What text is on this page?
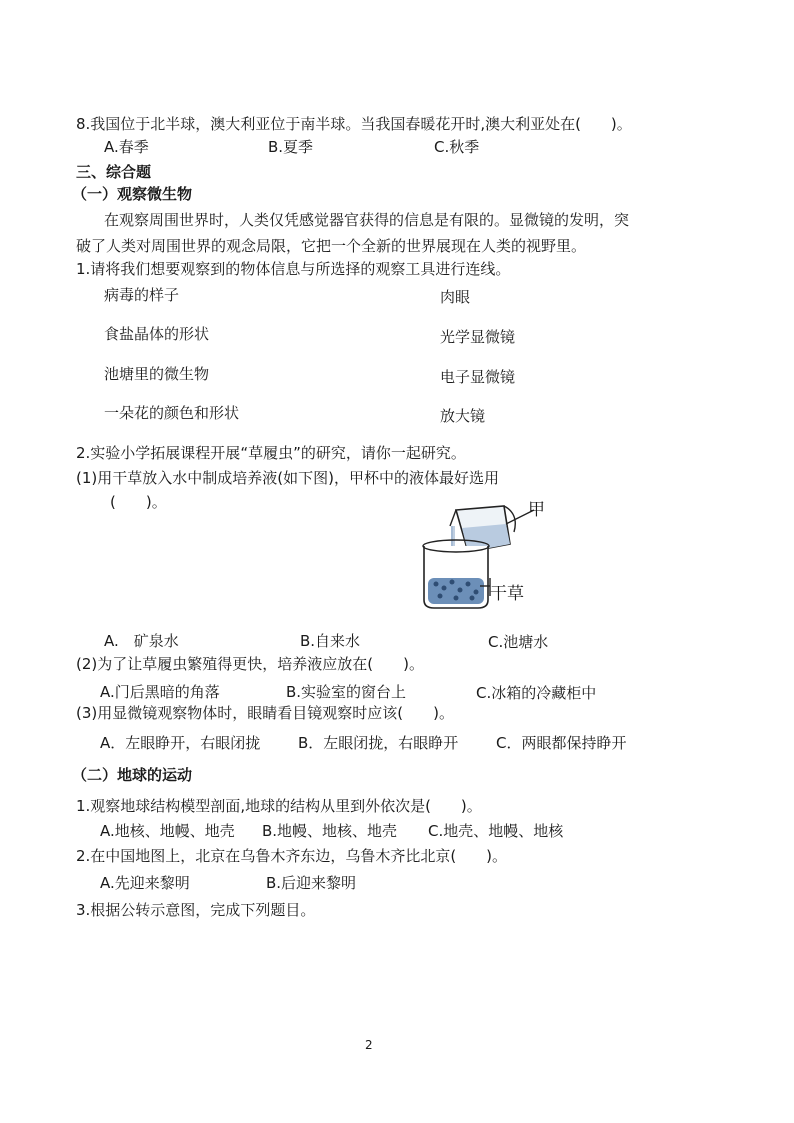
8.我国位于北半球，澳大利亚位于南半球。当我国春暖花开时,澳大利亚处在(　　)。
A.春季	B.夏季	C.秋季
三、综合题
（一）观察微生物
在观察周围世界时，人类仅凭感觉器官获得的信息是有限的。显微镜的发明，突
破了人类对周围世界的观念局限，它把一个全新的世界展现在人类的视野里。
1.请将我们想要观察到的物体信息与所选择的观察工具进行连线。
病毒的样子
食盐晶体的形状
池塘里的微生物
一朵花的颜色和形状
肉眼
光学显微镜
电子显微镜
放大镜
2.实验小学拓展课程开展“草履虫”的研究，请你一起研究。
(1)用干草放入水中制成培养液(如下图)，甲杯中的液体最好选用
(　　)。	甲
干草
A.　矿泉水	B.自来水	C.池塘水
(2)为了让草履虫繁殖得更快，培养液应放在(　　)。
A.门后黑暗的角落	B.实验室的窗台上	C.冰箱的冷藏柜中
(3)用显微镜观察物体时，眼睛看目镜观察时应该(　　)。
A．左眼睁开，右眼闭拢	B．左眼闭拢，右眼睁开	C．两眼都保持睁开
（二）地球的运动
1.观察地球结构模型剖面,地球的结构从里到外依次是(　　)。
A.地核、地幔、地壳 B.地幔、地核、地壳 C.地壳、地幔、地核
2.在中国地图上，北京在乌鲁木齐东边，乌鲁木齐比北京(　　)。
A.先迎来黎明	B.后迎来黎明
3.根据公转示意图，完成下列题目。
2
